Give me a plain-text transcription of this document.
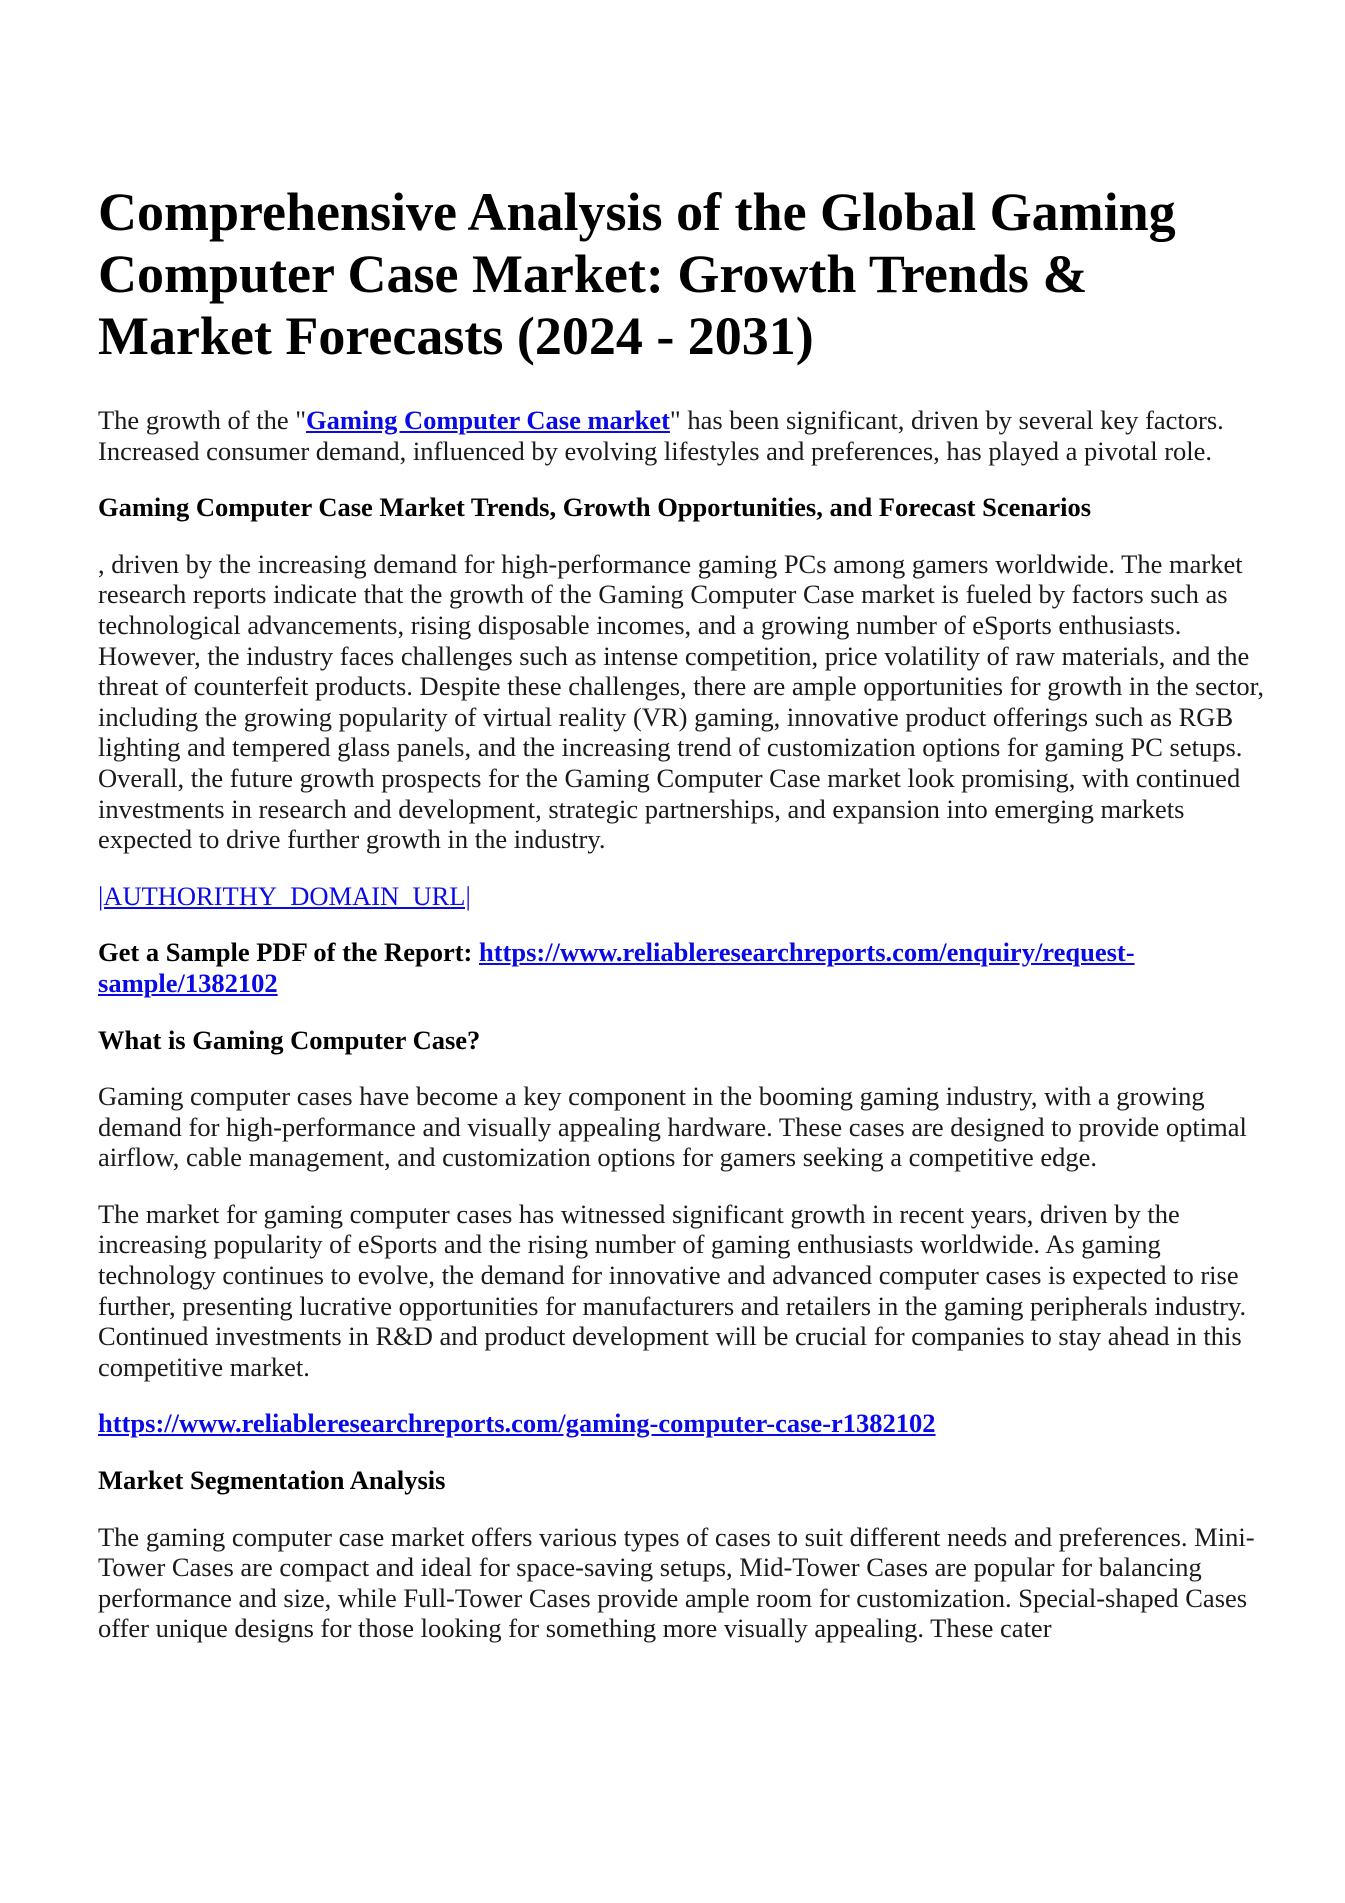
Comprehensive Analysis of the Global Gaming Computer Case Market: Growth Trends & Market Forecasts (2024 - 2031)

The growth of the "Gaming Computer Case market" has been significant, driven by several key factors. Increased consumer demand, influenced by evolving lifestyles and preferences, has played a pivotal role.

Gaming Computer Case Market Trends, Growth Opportunities, and Forecast Scenarios

, driven by the increasing demand for high-performance gaming PCs among gamers worldwide. The market research reports indicate that the growth of the Gaming Computer Case market is fueled by factors such as technological advancements, rising disposable incomes, and a growing number of eSports enthusiasts. However, the industry faces challenges such as intense competition, price volatility of raw materials, and the threat of counterfeit products. Despite these challenges, there are ample opportunities for growth in the sector, including the growing popularity of virtual reality (VR) gaming, innovative product offerings such as RGB lighting and tempered glass panels, and the increasing trend of customization options for gaming PC setups. Overall, the future growth prospects for the Gaming Computer Case market look promising, with continued investments in research and development, strategic partnerships, and expansion into emerging markets expected to drive further growth in the industry.

|AUTHORITHY_DOMAIN_URL|

Get a Sample PDF of the Report: https://www.reliableresearchreports.com/enquiry/request-sample/1382102

What is Gaming Computer Case?

Gaming computer cases have become a key component in the booming gaming industry, with a growing demand for high-performance and visually appealing hardware. These cases are designed to provide optimal airflow, cable management, and customization options for gamers seeking a competitive edge.

The market for gaming computer cases has witnessed significant growth in recent years, driven by the increasing popularity of eSports and the rising number of gaming enthusiasts worldwide. As gaming technology continues to evolve, the demand for innovative and advanced computer cases is expected to rise further, presenting lucrative opportunities for manufacturers and retailers in the gaming peripherals industry. Continued investments in R&D and product development will be crucial for companies to stay ahead in this competitive market.

https://www.reliableresearchreports.com/gaming-computer-case-r1382102

Market Segmentation Analysis

The gaming computer case market offers various types of cases to suit different needs and preferences. Mini-Tower Cases are compact and ideal for space-saving setups, Mid-Tower Cases are popular for balancing performance and size, while Full-Tower Cases provide ample room for customization. Special-shaped Cases offer unique designs for those looking for something more visually appealing. These cater
